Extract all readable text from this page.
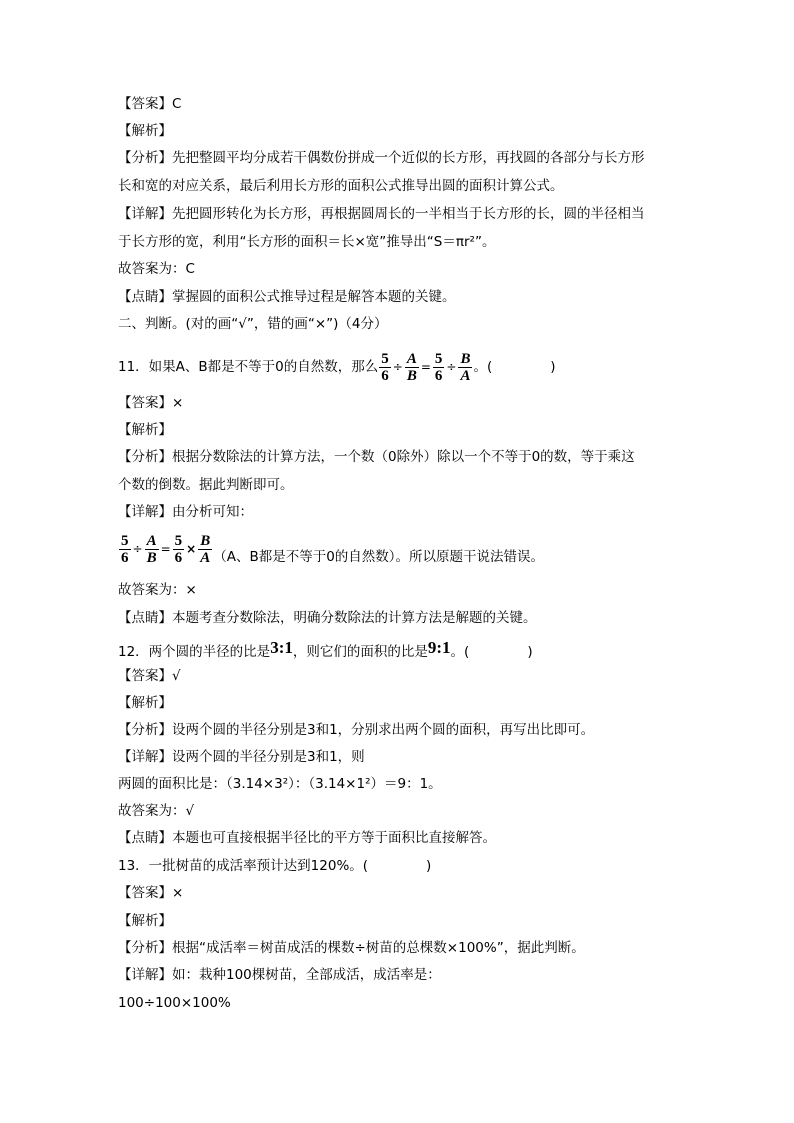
【答案】C
【解析】
【分析】先把整圆平均分成若干偶数份拼成一个近似的长方形，再找圆的各部分与长方形
长和宽的对应关系，最后利用长方形的面积公式推导出圆的面积计算公式。
【详解】先把圆形转化为长方形，再根据圆周长的一半相当于长方形的长，圆的半径相当
于长方形的宽，利用“长方形的面积＝长×宽”推导出“S＝πr²”。
故答案为：C
【点睛】掌握圆的面积公式推导过程是解答本题的关键。
二、判断。(对的画“√”，错的画“×”)（4分）
11．如果A、B都是不等于0的自然数，那么 $\frac{5}{6} \div \frac{A}{B} = \frac{5}{6} \div \frac{B}{A}$ 。(	)
【答案】×
【解析】
【分析】根据分数除法的计算方法，一个数（0除外）除以一个不等于0的数，等于乘这
个数的倒数。据此判断即可。
【详解】由分析可知：
$\frac{5}{6} \div \frac{A}{B} = \frac{5}{6} \times \frac{B}{A} (A$、B都是不等于0的自然数）。所以原题干说法错误。
故答案为：×
【点睛】本题考查分数除法，明确分数除法的计算方法是解题的关键。
12．两个圆的半径的比是3:1，则它们的面积的比是9:1。(	)
【答案】√
【解析】
【分析】设两个圆的半径分别是3和1，分别求出两个圆的面积，再写出比即可。
【详解】设两个圆的半径分别是3和1，则
两圆的面积比是：（3.14×3²）：（3.14×1²）＝9：1。
故答案为：√
【点睛】本题也可直接根据半径比的平方等于面积比直接解答。
13．一批树苗的成活率预计达到120%。(	)
【答案】×
【解析】
【分析】根据“成活率＝树苗成活的棵数÷树苗的总棵数×100%”，据此判断。
【详解】如：栽种100棵树苗，全部成活，成活率是：
100÷100×100%
